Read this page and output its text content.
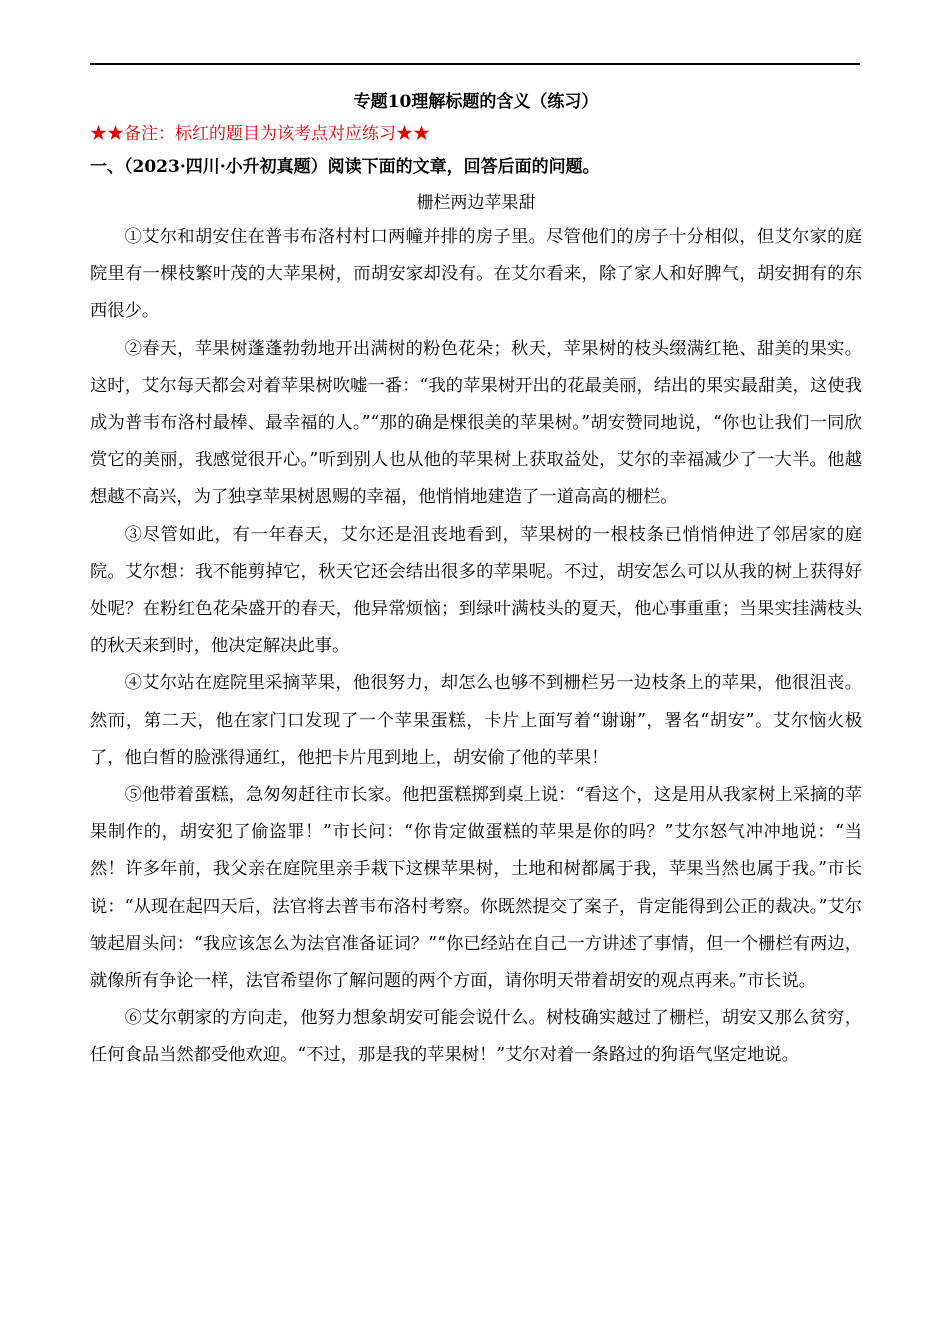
专题10理解标题的含义（练习）
★★备注：标红的题目为该考点对应练习★★
一、（2023·四川·小升初真题）阅读下面的文章，回答后面的问题。
栅栏两边苹果甜

①艾尔和胡安住在普韦布洛村村口两幢并排的房子里。尽管他们的房子十分相似，但艾尔家的庭院里有一棵枝繁叶茂的大苹果树，而胡安家却没有。在艾尔看来，除了家人和好脾气，胡安拥有的东西很少。

②春天，苹果树蓬蓬勃勃地开出满树的粉色花朵；秋天，苹果树的枝头缀满红艳、甜美的果实。这时，艾尔每天都会对着苹果树吹嘘一番：“我的苹果树开出的花最美丽，结出的果实最甜美，这使我成为普韦布洛村最棒、最幸福的人。”“那的确是棵很美的苹果树。”胡安赞同地说，“你也让我们一同欣赏它的美丽，我感觉很开心。”听到别人也从他的苹果树上获取益处，艾尔的幸福减少了一大半。他越想越不高兴，为了独享苹果树恩赐的幸福，他悄悄地建造了一道高高的栅栏。

③尽管如此，有一年春天，艾尔还是沮丧地看到，苹果树的一根枝条已悄悄伸进了邻居家的庭院。艾尔想：我不能剪掉它，秋天它还会结出很多的苹果呢。不过，胡安怎么可以从我的树上获得好处呢？在粉红色花朵盛开的春天，他异常烦恼；到绿叶满枝头的夏天，他心事重重；当果实挂满枝头的秋天来到时，他决定解决此事。

④艾尔站在庭院里采摘苹果，他很努力，却怎么也够不到栅栏另一边枝条上的苹果，他很沮丧。然而，第二天，他在家门口发现了一个苹果蛋糕，卡片上面写着“谢谢”，署名“胡安”。艾尔恼火极了，他白皙的脸涨得通红，他把卡片甩到地上，胡安偷了他的苹果！

⑤他带着蛋糕，急匆匆赶往市长家。他把蛋糕掷到桌上说：“看这个，这是用从我家树上采摘的苹果制作的，胡安犯了偷盗罪！”市长问：“你肯定做蛋糕的苹果是你的吗？”艾尔怒气冲冲地说：“当然！许多年前，我父亲在庭院里亲手栽下这棵苹果树，土地和树都属于我，苹果当然也属于我。”市长说：“从现在起四天后，法官将去普韦布洛村考察。你既然提交了案子，肯定能得到公正的裁决。”艾尔皱起眉头问：“我应该怎么为法官准备证词？”“你已经站在自己一方讲述了事情，但一个栅栏有两边，就像所有争论一样，法官希望你了解问题的两个方面，请你明天带着胡安的观点再来。”市长说。

⑥艾尔朝家的方向走，他努力想象胡安可能会说什么。树枝确实越过了栅栏，胡安又那么贫穷，任何食品当然都受他欢迎。“不过，那是我的苹果树！”艾尔对着一条路过的狗语气坚定地说。
